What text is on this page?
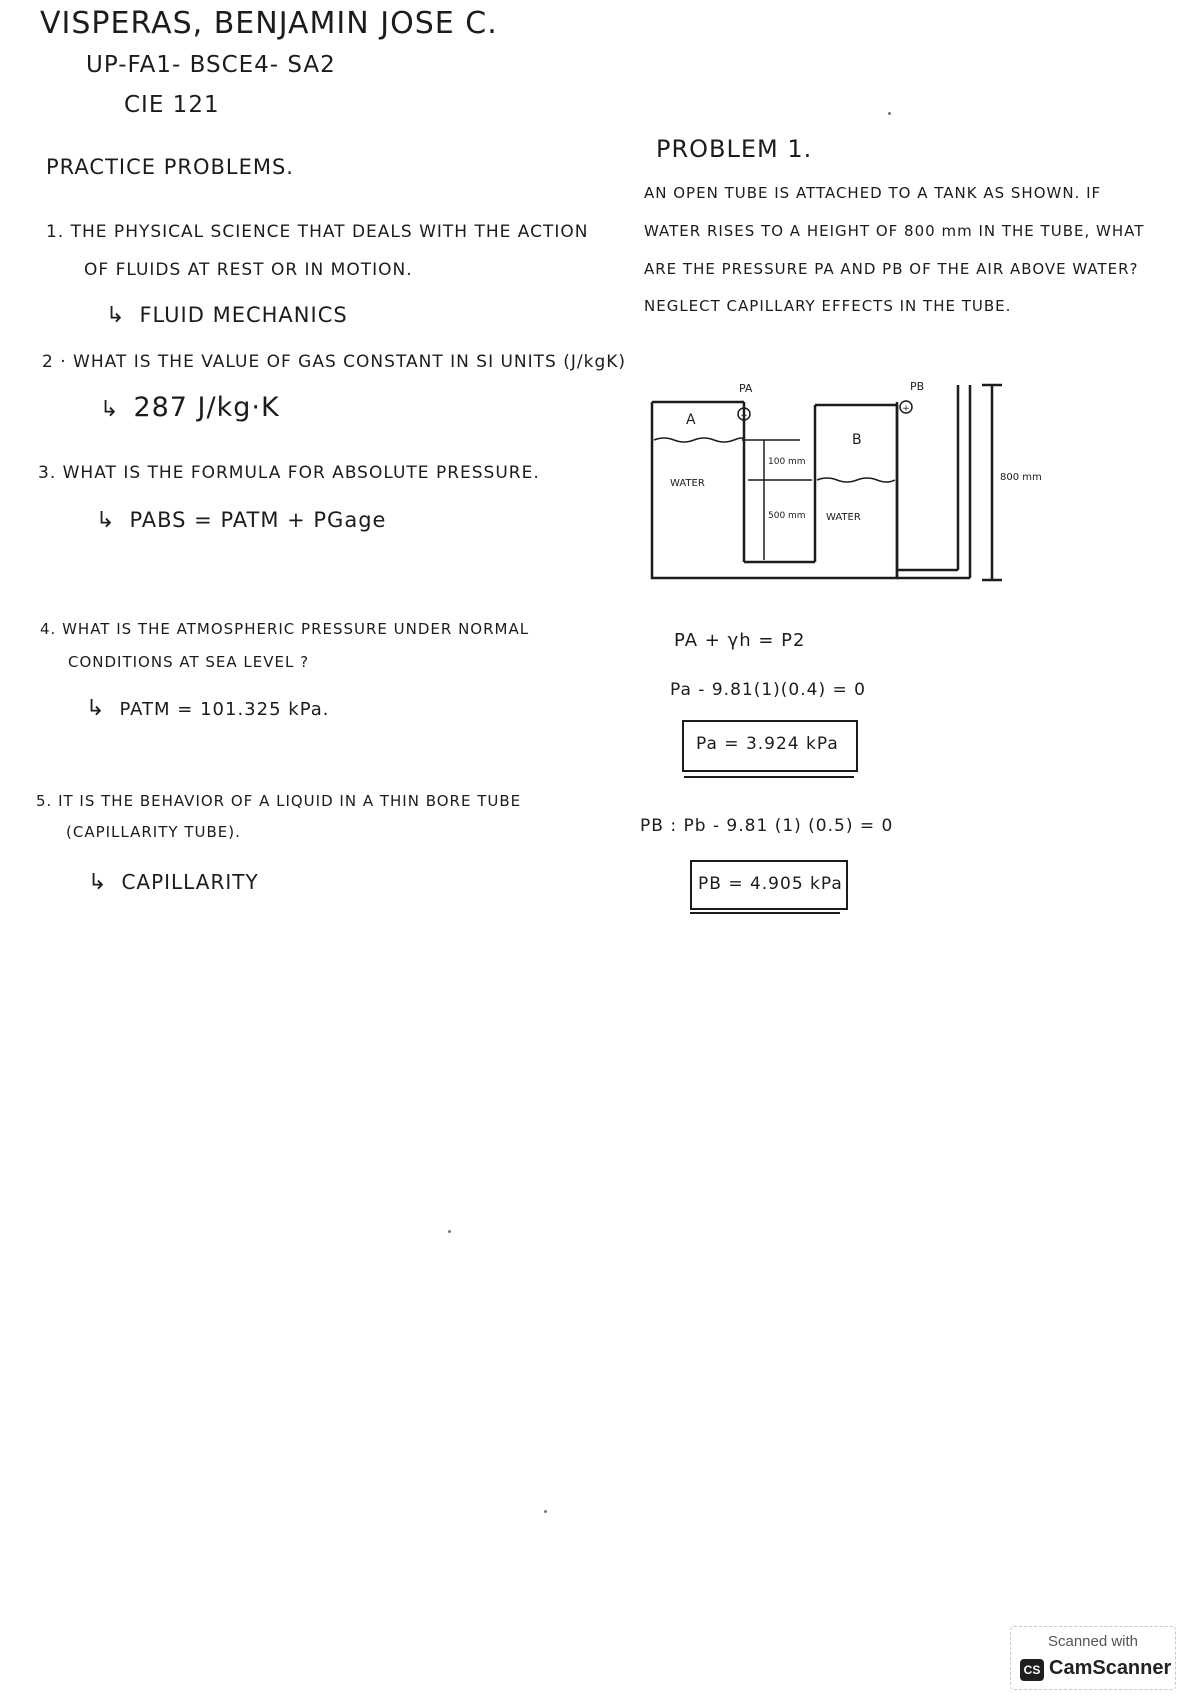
VISPERAS, BENJAMIN JOSE C.
UP-FA1- BSCE4- SA2
CIE 121
PRACTICE PROBLEMS.
1. THE PHYSICAL SCIENCE THAT DEALS WITH THE ACTION
OF FLUIDS AT REST OR IN MOTION.
↳ FLUID MECHANICS
2 · WHAT IS THE VALUE OF GAS CONSTANT IN SI UNITS (J/kgK)
↳ 287 J/kg·K
3. WHAT IS THE FORMULA FOR ABSOLUTE PRESSURE.
↳ PABS = PATM + PGage
4. WHAT IS THE ATMOSPHERIC PRESSURE UNDER NORMAL
CONDITIONS AT SEA LEVEL ?
↳ PATM = 101.325 kPa.
5. IT IS THE BEHAVIOR OF A LIQUID IN A THIN BORE TUBE
(CAPILLARITY TUBE).
↳ CAPILLARITY
PROBLEM 1.
AN OPEN TUBE IS ATTACHED TO A TANK AS SHOWN. IF
WATER RISES TO A HEIGHT OF 800 mm IN THE TUBE, WHAT
ARE THE PRESSURE PA AND PB OF THE AIR ABOVE WATER?
NEGLECT CAPILLARY EFFECTS IN THE TUBE.
+
+
PA	PB
A
B
WATER
WATER
100 mm
500 mm
800 mm
PA + γh = P2
Pa - 9.81(1)(0.4) = 0
Pa = 3.924 kPa
PB : Pb - 9.81 (1) (0.5) = 0
PB = 4.905 kPa
Scanned with
CS CamScanner
